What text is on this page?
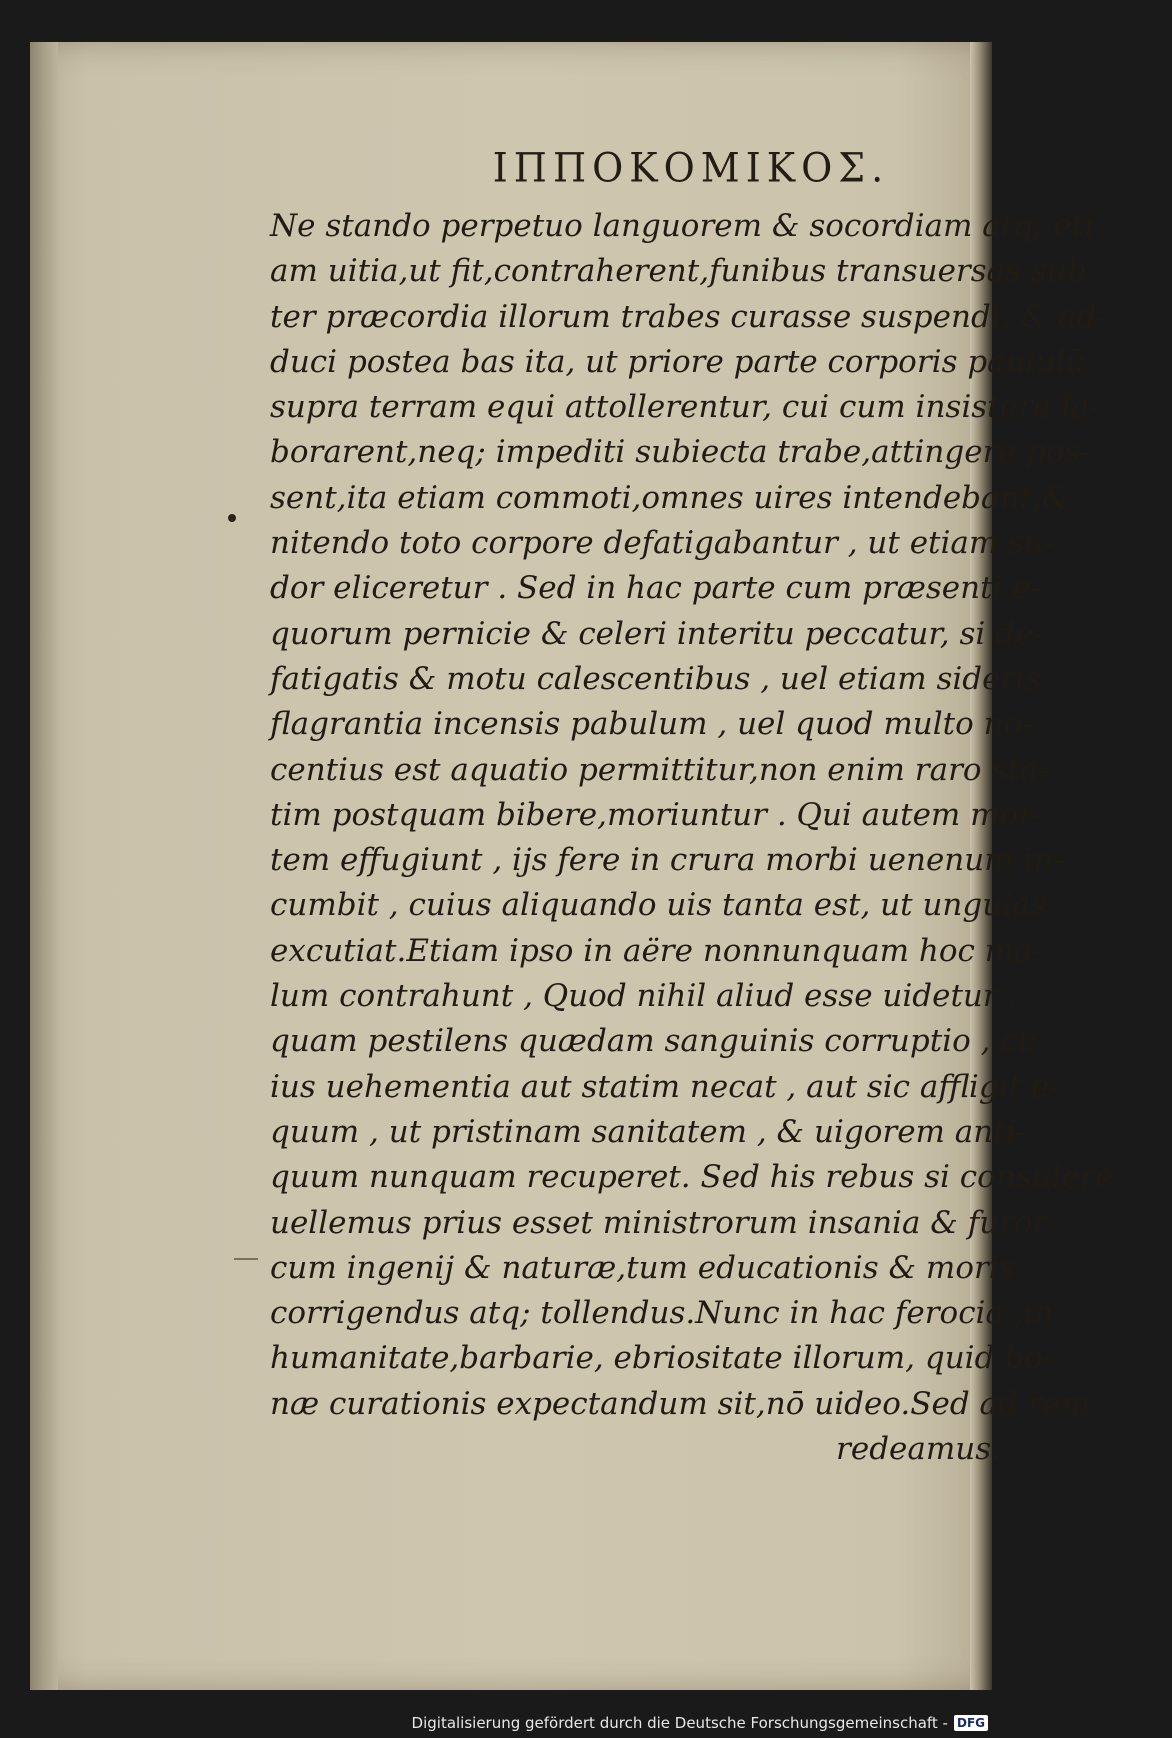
ΙΠΠΟΚΟΜΙΚΟΣ.
Ne stando perpetuo languorem & socordiam atq; eti
am uitia,ut fit,contraherent,funibus transuersas sub
ter præcordia illorum trabes curasse suspendi, & ad-
duci postea bas ita, ut priore parte corporis paululū
supra terram equi attollerentur, cui cum insistere la-
borarent,neq; impediti subiecta trabe,attingere pos-
sent,ita etiam commoti,omnes uires intendebant,&
nitendo toto corpore defatigabantur , ut etiam su-
dor eliceretur . Sed in hac parte cum præsenti e-
quorum pernicie & celeri interitu peccatur, si de-
fatigatis & motu calescentibus , uel etiam sideris
flagrantia incensis pabulum , uel quod multo no-
centius est aquatio permittitur,non enim raro sta-
tim postquam bibere,moriuntur . Qui autem mor-
tem effugiunt , ijs fere in crura morbi uenenum in-
cumbit , cuius aliquando uis tanta est, ut ungulas
excutiat.Etiam ipso in aëre nonnunquam hoc ma-
lum contrahunt , Quod nihil aliud esse uidetur ,
quam pestilens quædam sanguinis corruptio , cu-
ius uehementia aut statim necat , aut sic affligit e-
quum , ut pristinam sanitatem , & uigorem anti-
quum nunquam recuperet. Sed his rebus si consulere
uellemus prius esset ministrorum insania & furor,
cum ingenij & naturæ,tum educationis & moris
corrigendus atq; tollendus.Nunc in hac ferocia ,in-
humanitate,barbarie, ebriositate illorum, quid bo-
næ curationis expectandum sit,nō uideo.Sed ad rem
redeamus.
Digitalisierung gefördert durch die Deutsche Forschungsgemeinschaft - DFG
